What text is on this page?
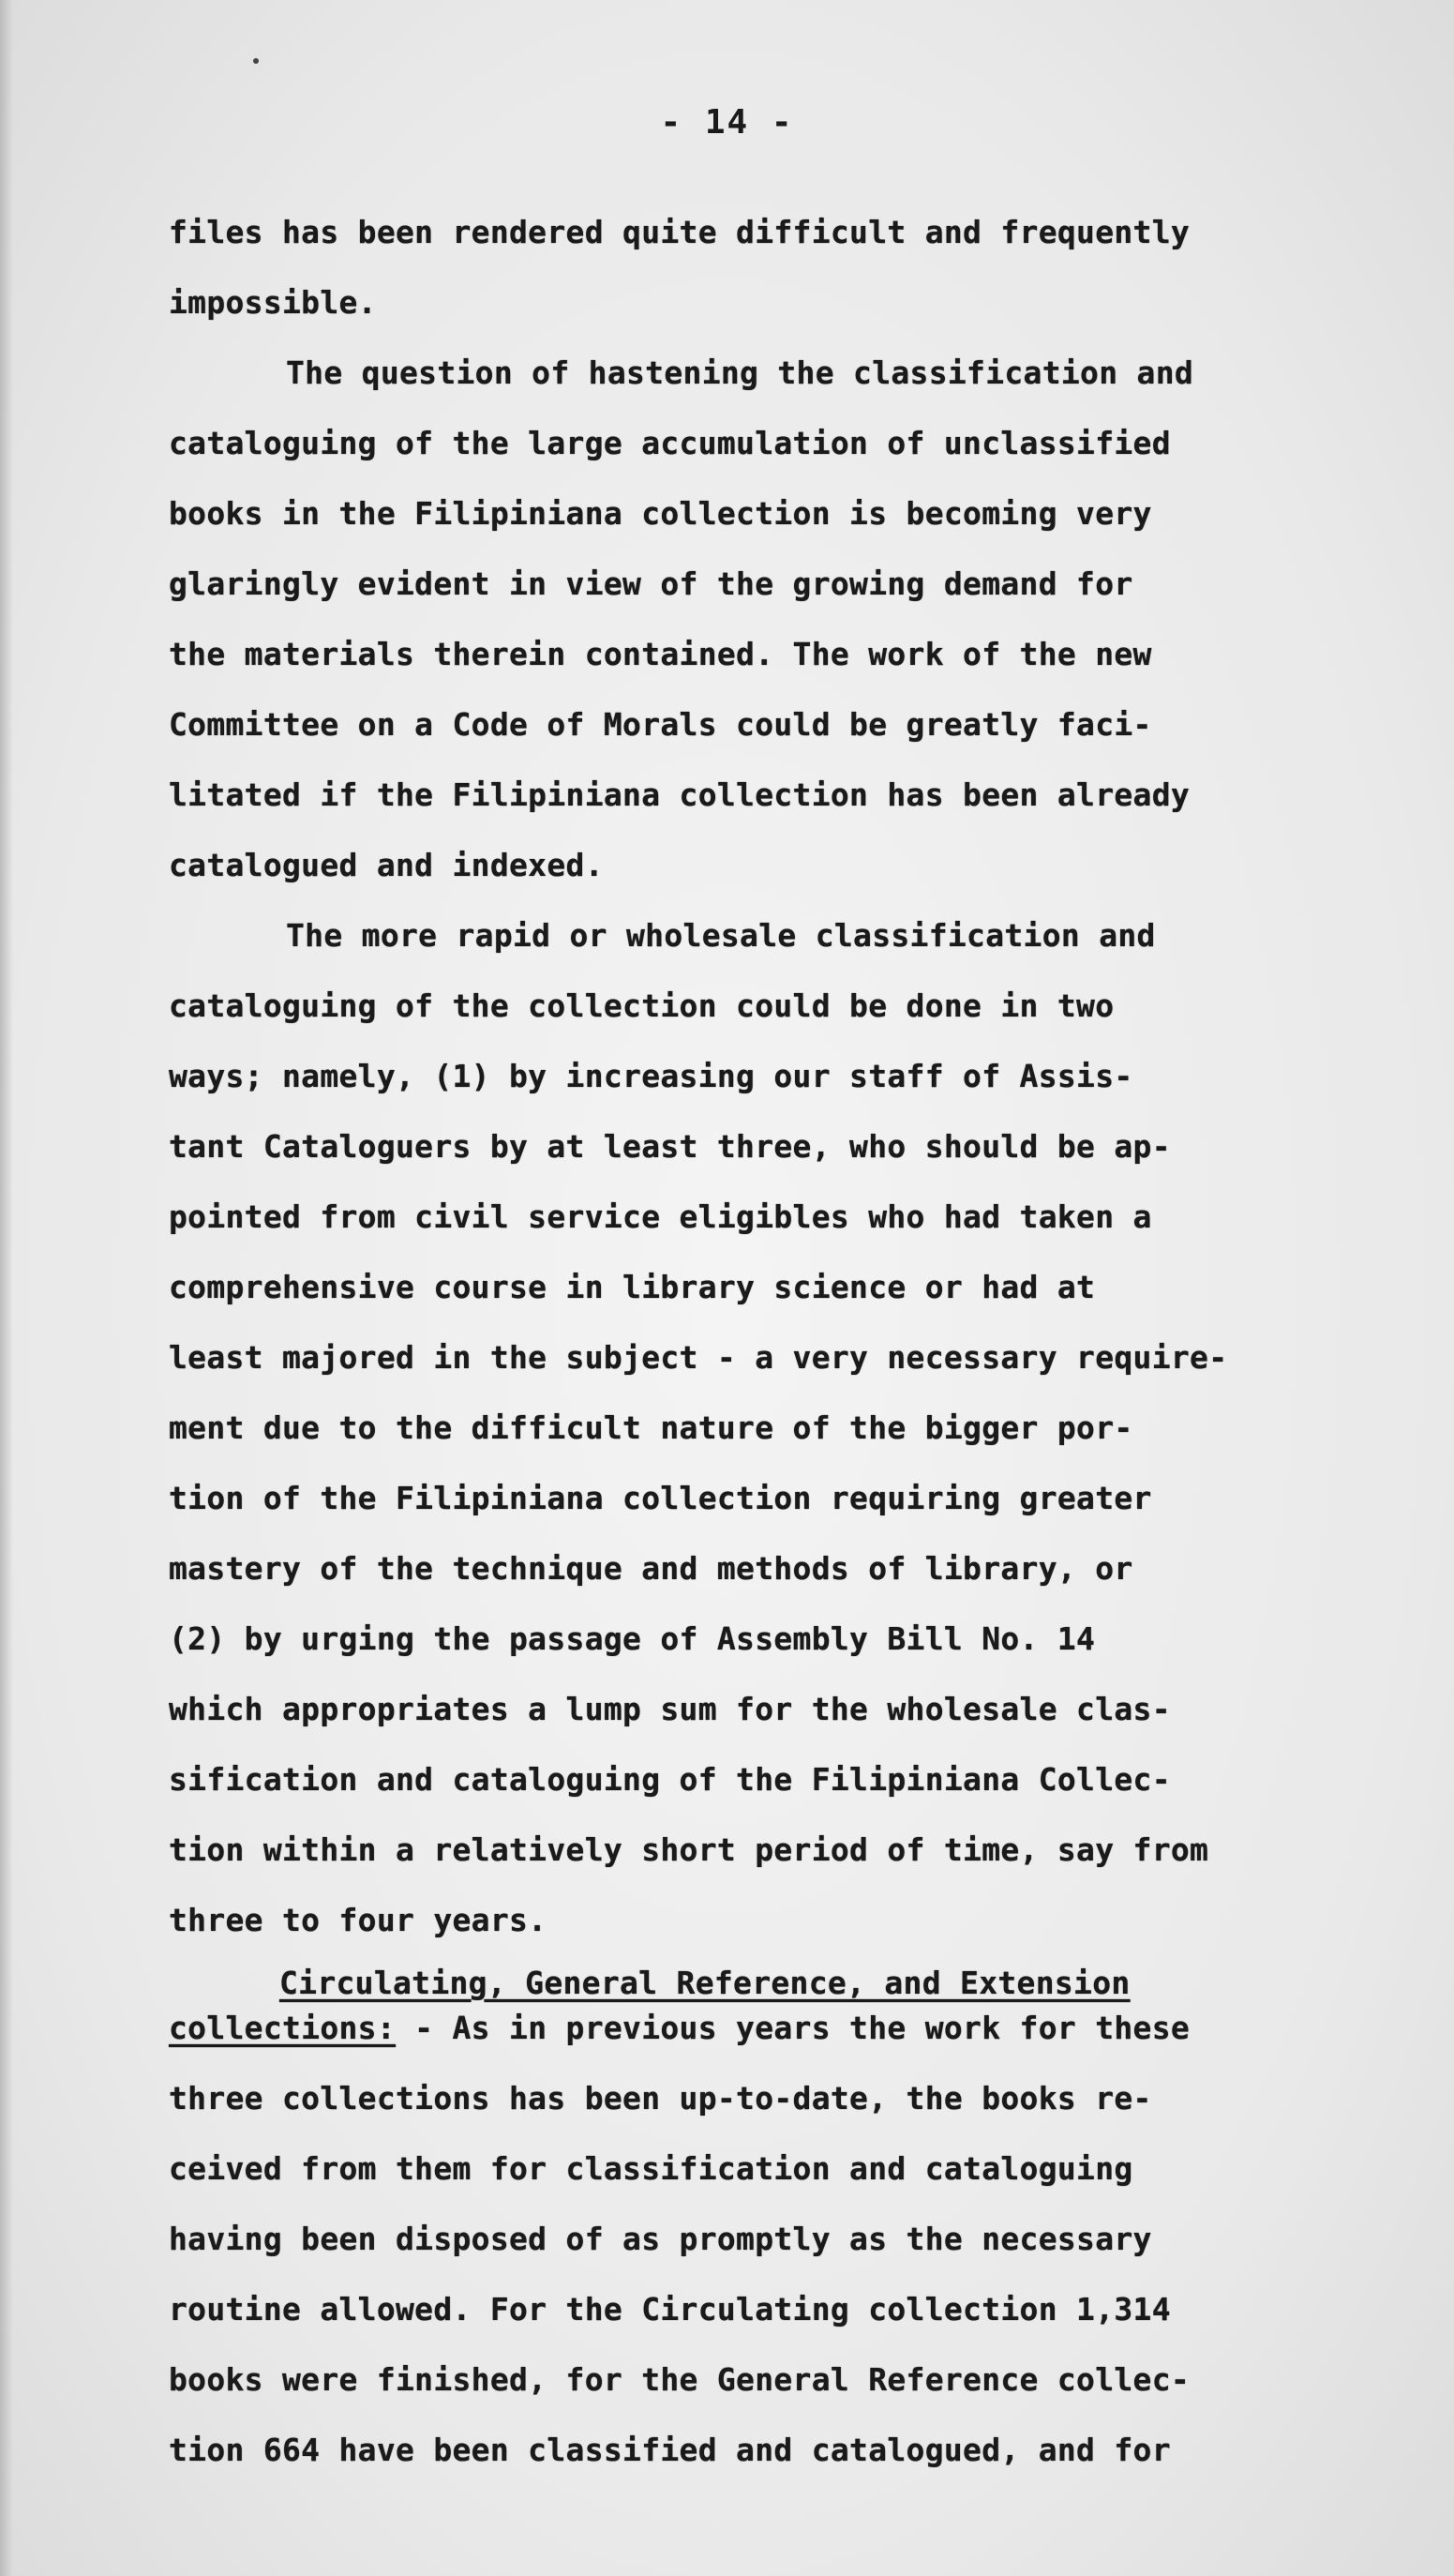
- 14 -
files has been rendered quite difficult and frequently
impossible.
The question of hastening the classification and
cataloguing of the large accumulation of unclassified
books in the Filipiniana collection is becoming very
glaringly evident in view of the growing demand for
the materials therein contained. The work of the new
Committee on a Code of Morals could be greatly faci-
litated if the Filipiniana collection has been already
catalogued and indexed.
The more rapid or wholesale classification and
cataloguing of the collection could be done in two
ways; namely, (1) by increasing our staff of Assis-
tant Cataloguers by at least three, who should be ap-
pointed from civil service eligibles who had taken a
comprehensive course in library science or had at
least majored in the subject - a very necessary require-
ment due to the difficult nature of the bigger por-
tion of the Filipiniana collection requiring greater
mastery of the technique and methods of library, or
(2) by urging the passage of Assembly Bill No. 14
which appropriates a lump sum for the wholesale clas-
sification and cataloguing of the Filipiniana Collec-
tion within a relatively short period of time, say from
three to four years.
Circulating, General Reference, and Extension
collections: - As in previous years the work for these
three collections has been up-to-date, the books re-
ceived from them for classification and cataloguing
having been disposed of as promptly as the necessary
routine allowed. For the Circulating collection 1,314
books were finished, for the General Reference collec-
tion 664 have been classified and catalogued, and for
